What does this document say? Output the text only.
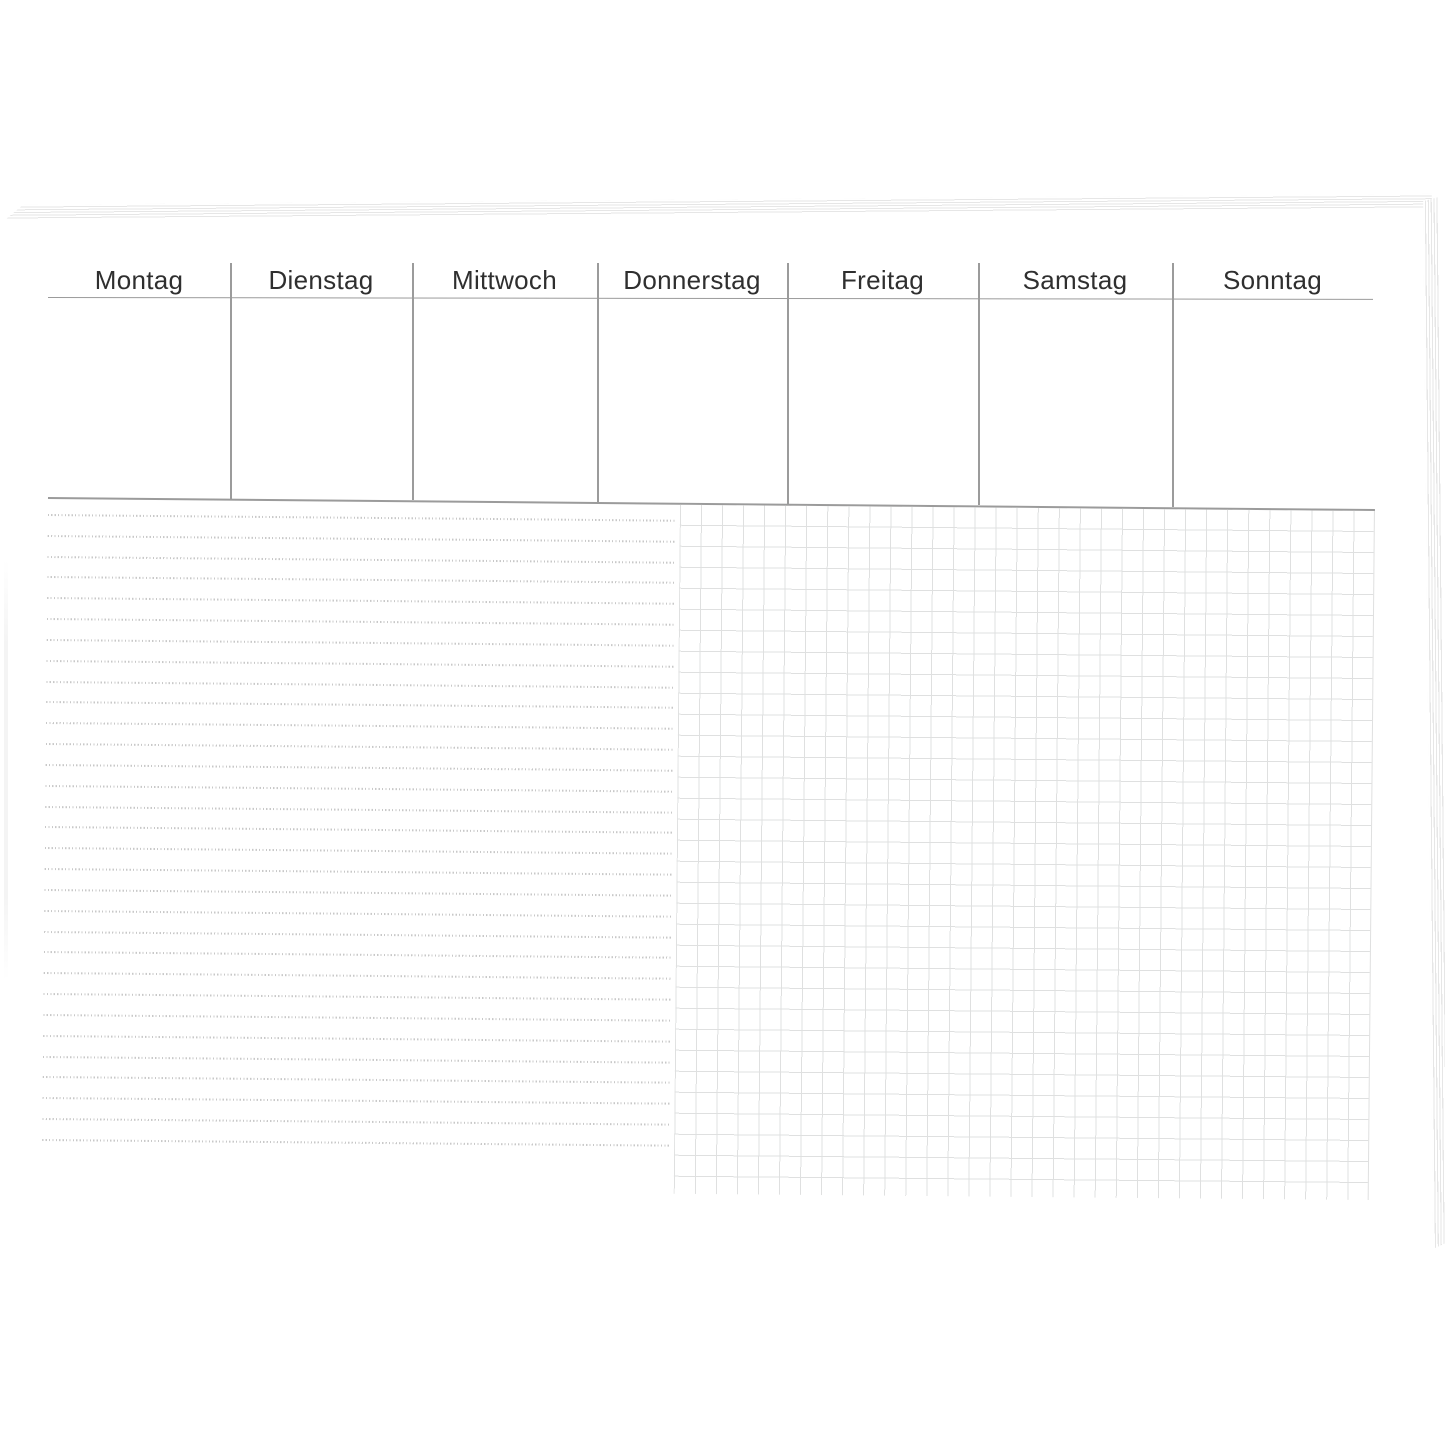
Montag	Dienstag	Mittwoch	Donnerstag	Freitag	Samstag	Sonntag
